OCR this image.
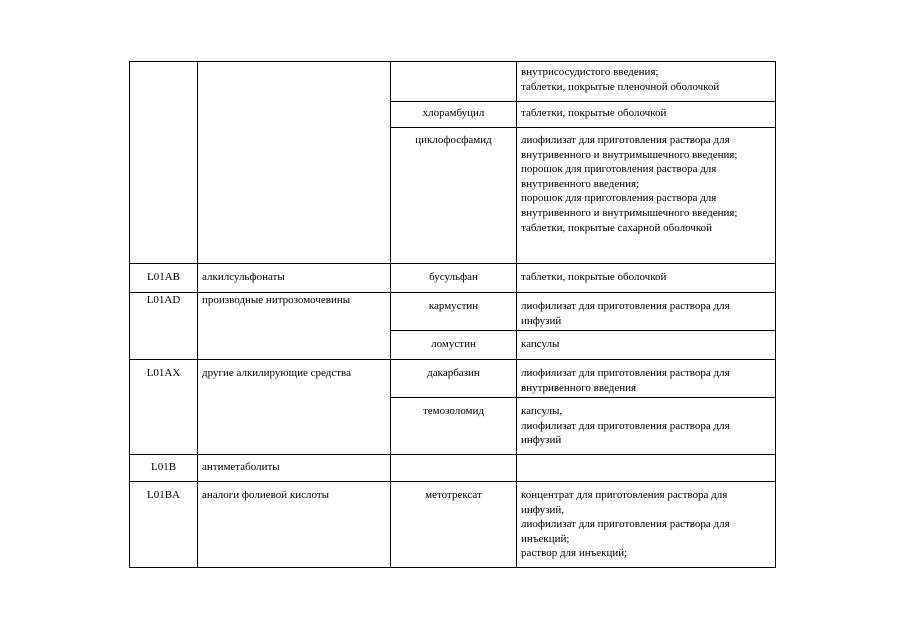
			внутрисосудистого введения;
таблетки, покрытые пленочной оболочкой

		хлорамбуцил	таблетки, покрытые оболочкой

		циклофосфамид	лиофилизат для приготовления раствора для внутривенного и внутримышечного введения;
порошок для приготовления раствора для внутривенного введения;
порошок для приготовления раствора для внутривенного и внутримышечного введения;
таблетки, покрытые сахарной оболочкой

L01AB	алкилсульфонаты	бусульфан	таблетки, покрытые оболочкой

L01AD	производные нитрозомочевины	кармустин	лиофилизат для приготовления раствора для инфузий

		ломустин	капсулы

L01AX	другие алкилирующие средства	дакарбазин	лиофилизат для приготовления раствора для внутривенного введения

		темозоломид	капсулы,
лиофилизат для приготовления раствора для инфузий

L01B	антиметаболиты		
L01BA	аналоги фолиевой кислоты	метотрексат	концентрат для приготовления раствора для инфузий,
лиофилизат для приготовления раствора для инъекций;
раствор для инъекций;
